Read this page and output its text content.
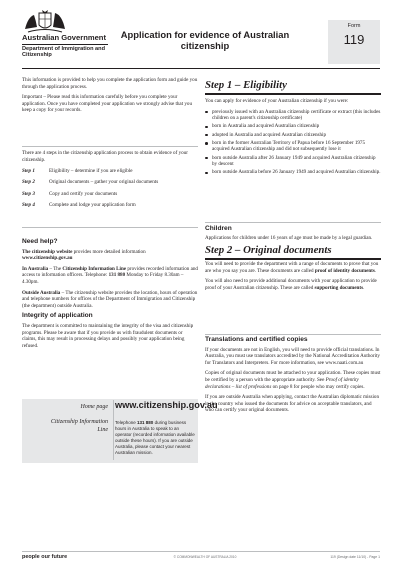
Australian Government
Department of Immigration and Citizenship
Application for evidence of Australian citizenship
Form
119

This information is provided to help you complete the application form and guide you through the application process.

Important – Please read this information carefully before you complete your application. Once you have completed your application we strongly advise that you keep a copy for your records.

There are 4 steps in the citizenship application process to obtain evidence of your citizenship.
Step 1	Eligibility – determine if you are eligible
Step 2	Original documents – gather your original documents
Step 3	Copy and certify your documents
Step 4	Complete and lodge your application form
Need help?

The citizenship website provides more detailed information
www.citizenship.gov.au

In Australia – The Citizenship Information Line provides recorded information and access to information officers. Telephone: 131 880 Monday to Friday 8.30am – 4.30pm.

Outside Australia – The citizenship website provides the location, hours of operation and telephone numbers for offices of the Department of Immigration and Citizenship (the department) outside Australia.

Integrity of application

The department is committed to maintaining the integrity of the visa and citizenship programs. Please be aware that if you provide us with fraudulent documents or claims, this may result in processing delays and possibly your application being refused.

Home page www.citizenship.gov.au
Citizenship Information Line
Telephone 131 880 during business hours in Australia to speak to an operator (recorded information available outside these hours). If you are outside Australia, please contact your nearest Australian mission.
Step 1 – Eligibility

You can apply for evidence of your Australian citizenship if you were:

previously issued with an Australian citizenship certificate or extract (this includes children on a parent's citizenship certificate)
born in Australia and acquired Australian citizenship
adopted in Australia and acquired Australian citizenship
born in the former Australian Territory of Papua before 16 September 1975 acquired Australian citizenship and did not subsequently lose it
born outside Australia after 26 January 1949 and acquired Australian citizenship by descent
born outside Australia before 26 January 1949 and acquired Australian citizenship.
Children

Applications for children under 16 years of age must be made by a legal guardian.

Step 2 – Original documents

You will need to provide the department with a range of documents to prove that you are who you say you are. These documents are called proof of identity documents.

You will also need to provide additional documents with your application to provide proof of your Australian citizenship. These are called supporting documents.

Translations and certified copies

If your documents are not in English, you will need to provide official translations. In Australia, you must use translators accredited by the National Accreditation Authority for Translators and Interpreters. For more information, see www.naati.com.au

Copies of original documents must be attached to your application. These copies must be certified by a person with the appropriate authority. See Proof of identity declarations – list of professions on page 8 for people who may certify copies.

If you are outside Australia when applying, contact the Australian diplomatic mission in the country who issued the documents for advice on acceptable translators, and who can certify your original documents.

people our future	© COMMONWEALTH OF AUSTRALIA 2010	119 (Design date 11/10) - Page 1
